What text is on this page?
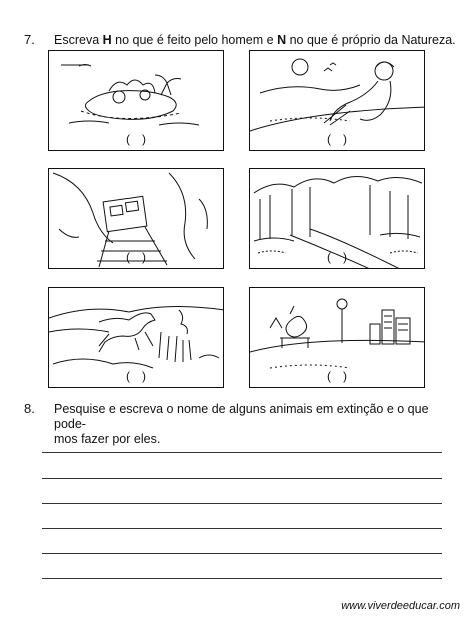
7. Escreva H no que é feito pelo homem e N no que é próprio da Natureza.
( )	( )
( )	( )
( )	( )
8. Pesquise e escreva o nome de alguns animais em extinção e o que pode-
mos fazer por eles.
www.viverdeeducar.com
